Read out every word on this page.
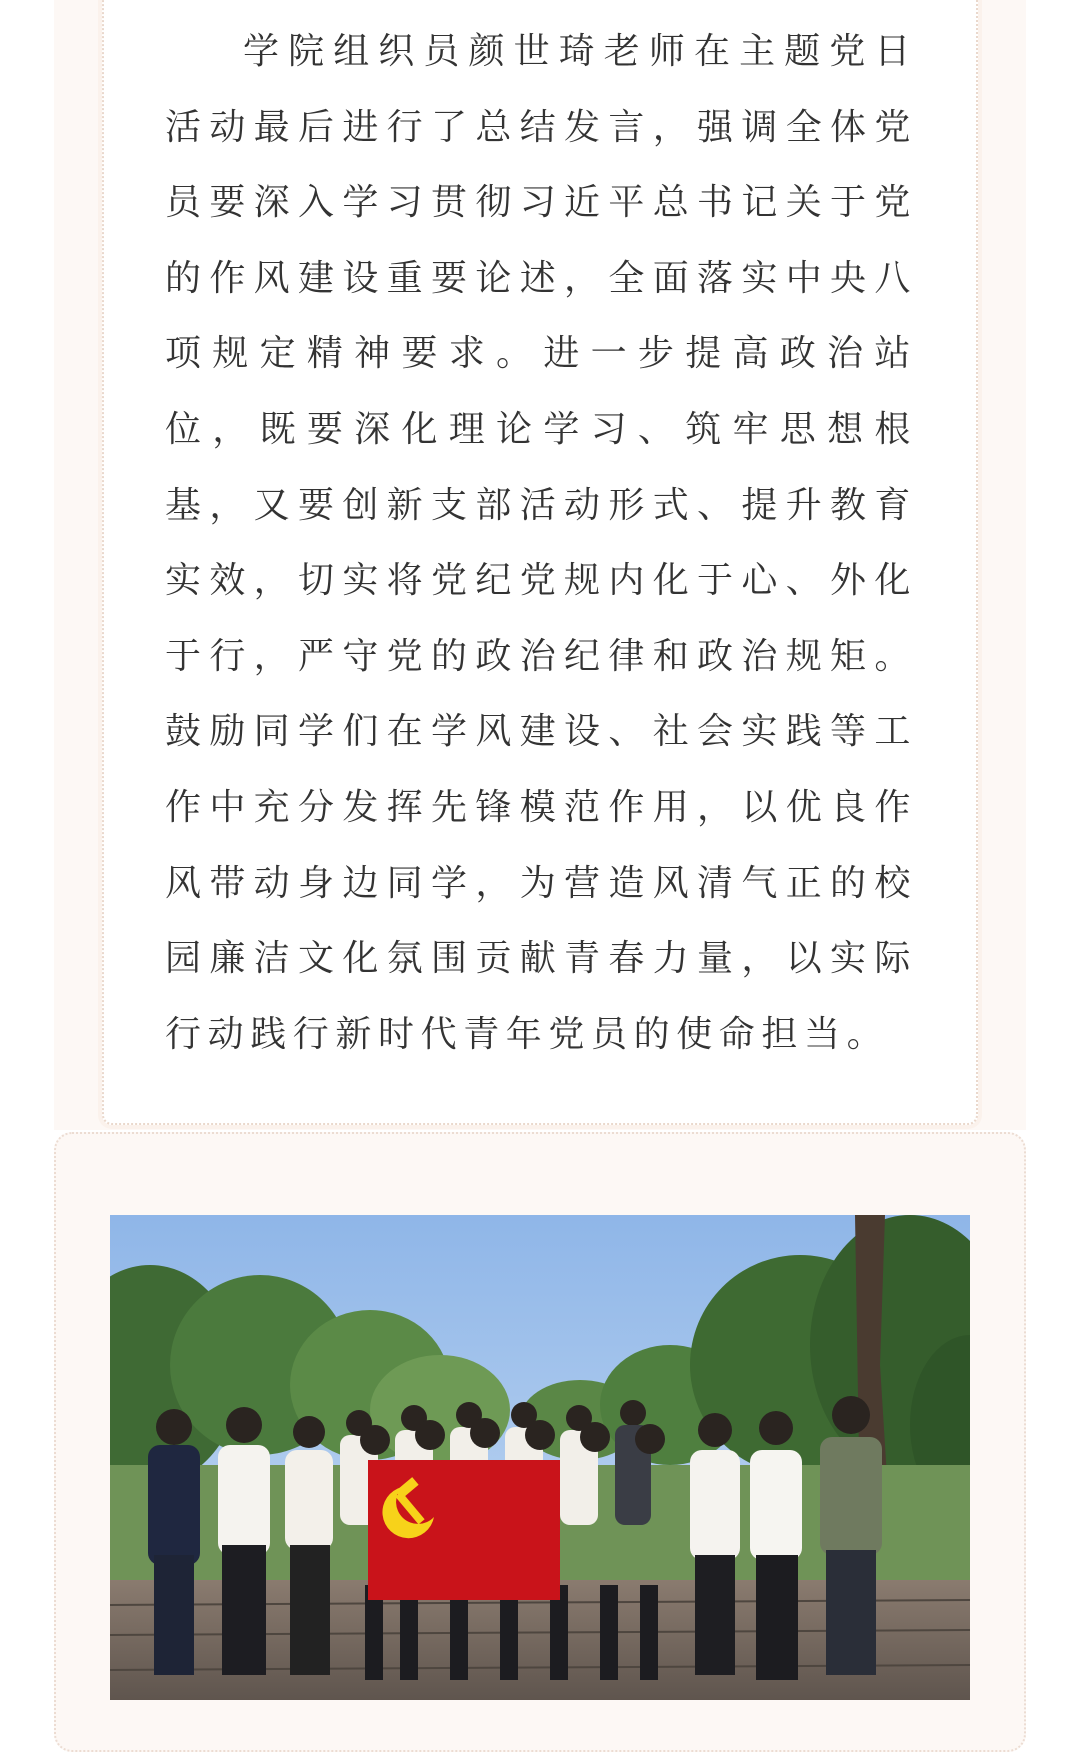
学院组织员颜世琦老师在主题党日活动最后进行了总结发言，强调全体党员要深入学习贯彻习近平总书记关于党的作风建设重要论述，全面落实中央八项规定精神要求。进一步提高政治站位，既要深化理论学习、筑牢思想根基，又要创新支部活动形式、提升教育实效，切实将党纪党规内化于心、外化于行，严守党的政治纪律和政治规矩。鼓励同学们在学风建设、社会实践等工作中充分发挥先锋模范作用，以优良作风带动身边同学，为营造风清气正的校园廉洁文化氛围贡献青春力量，以实际行动践行新时代青年党员的使命担当。
